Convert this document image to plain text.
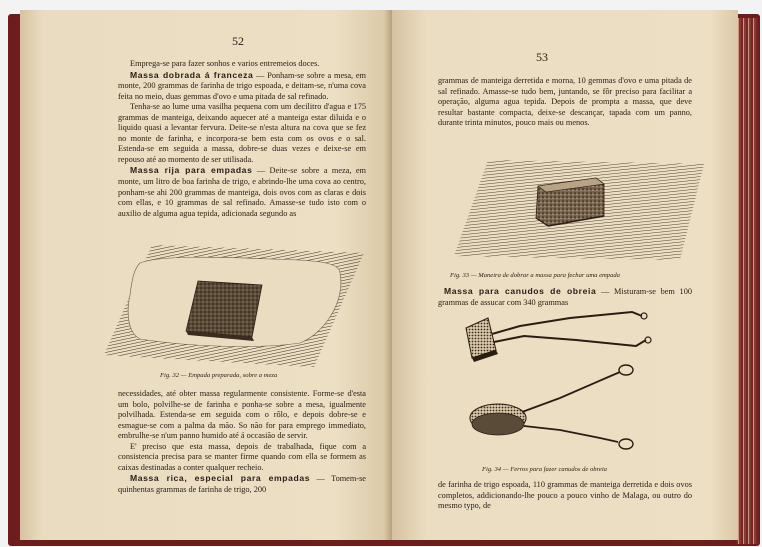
52

Emprega-se para fazer sonhos e varios entremeios doces.

Massa dobrada á franceza — Ponham-se sobre a mesa, em monte, 200 grammas de farinha de trigo espoada, e deitam-se, n'uma cova feita no meio, duas gemmas d'ovo e uma pitada de sal refinado.

Tenha-se ao lume uma vasilha pequena com um decilitro d'agua e 175 grammas de manteiga, deixando aquecer até a manteiga estar diluida e o liquido quasi a levantar fervura. Deite-se n'esta altura na cova que se fez no monte de farinha, e incorpora-se bem esta com os ovos e o sal. Estenda-se em seguida a massa, dobre-se duas vezes e deixe-se em repouso até ao momento de ser utilisada.

Massa rija para empadas — Deite-se sobre a meza, em monte, um litro de boa farinha de trigo, e abrindo-lhe uma cova ao centro, ponham-se ahi 200 grammas de manteiga, dois ovos com as claras e dois com ellas, e 10 grammas de sal refinado. Amasse-se tudo isto com o auxilio de alguma agua tepida, adicionada segundo as

Fig. 32 — Empada preparada, sobre a meza

necessidades, até obter massa regularmente consistente. Forme-se d'esta um bolo, polvilhe-se de farinha e ponha-se sobre a mesa, igualmente polvilhada. Estenda-se em seguida com o rôlo, e depois dobre-se e esmague-se com a palma da mão. So não for para emprego immediato, embrulhe-se n'um panno humido até á occasião de servir.

E' preciso que esta massa, depois de trabalhada, fique com a consistencia precisa para se manter firme quando com ella se formem as caixas destinadas a conter qualquer recheio.

Massa rica, especial para empadas — Tomem-se quinhentas grammas de farinha de trigo, 200

53

grammas de manteiga derretida e morna, 10 gemmas d'ovo e uma pitada de sal refinado. Amasse-se tudo bem, juntando, se fôr preciso para facilitar a operação, alguma agua tepida. Depois de prompta a massa, que deve resultar bastante compacta, deixe-se descançar, tapada com um panno, durante trinta minutos, pouco mais ou menos.

Fig. 33 — Maneira de dobrar a massa para fechar uma empada

Massa para canudos de obreia — Misturam-se bem 100 grammas de assucar com 340 grammas

Fig. 34 — Ferros para fazer canudos de obreia

de farinha de trigo espoada, 110 grammas de manteiga derretida e dois ovos completos, addicionando-lhe pouco a pouco vinho de Malaga, ou outro do mesmo typo, de
